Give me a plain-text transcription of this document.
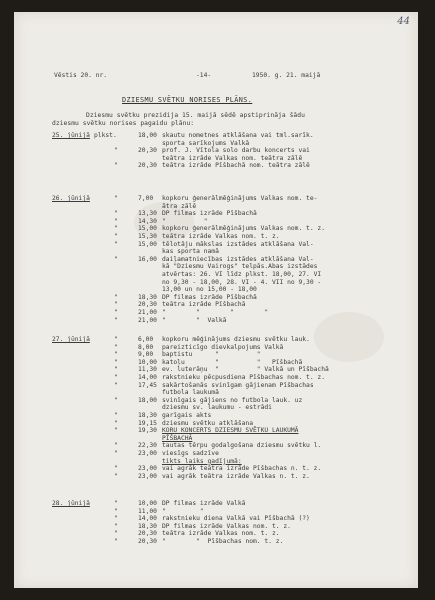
44
Vēstis 20. nr.	-14-	1950. g. 21. maijā
DZIESMU SVĒTKU NORISES PLĀNS.
Dziesmu svētku prezidija 15. maijā sēdē apstiprināja šādu
dziesmu svētku norises pagaidu plānu:
25. jūnijā plkst.	18,00 skautu nometnes atklāšana vai tml.sarīk.
sporta sarīkojums Valkā
"	20,30 prof. J. Vītola solo darbu koncerts vai
teātra izrāde Valkas nom. teātra zālē
"	20,30 teātra izrāde Pīšbachā nom. teātra zālē
26. jūnijā	"	7,00 kopkoru ģenerālmēģinājums Valkas nom. te-
ātra zālē
"	13,30 DP filmas izrāde Pīšbachā
"	14,30 "          "
"	15,00 kopkoru ģenerālmēģinājums Valkas nom. t. z.
"	15,30 teātra izrāde Valkas nom. t. z.
"	15,00 tēlotāju mākslas izstādes atklāšana Val-
kas sporta namā
"	16,00 daiļamatniecības izstādes atklāšana Val-
kā "Dziesmu Vairogs" telpās.Abas izstādes
atvērtas: 26. VI līdz plkst. 18,00, 27. VI
no 9,30 - 18,00, 28. VI - 4. VII no 9,30 -
13,00 un no 15,00 - 18,00
"	18,30 DP filmas izrāde Pīšbachā
"	20,30 teātra izrāde Pīšbachā
"	21,00 "        "        "        "
"	21,00 "        "  Valkā
27. jūnijā	"	6,00 kopkoru mēģinājums dziesmu svētku lauk.
"	8,00 pareizticīgo dievkalpojums Valkā
"	9,00 baptistu      "          "
"	10,00 katoļu        "          "   Pīšbachā
"	11,30 ev. luterāņu  "          " Valkā un Pīšbachā
"	14,00 rakstnieku pēcpusdiena Pīšbachas nom. t. z.
"	17,45 sakārtošanās svinīgam gājienam Pīšbachas
futbola laukumā
"	18,00 svinīgais gājiens no futbola lauk. uz
dziesmu sv. laukumu - estrādi
"	18,30 garīgais akts
"	19,15 dziesmu svētku atklāšana
"	19,30 KORU KONCERTS DZIESMU SVĒTKU LAUKUMĀ
PĪŠBACHĀ
"	22,30 tautas tērpu godalgošana dziesmu svētku l.
"	23,00 viesīgs sadzīve
tikts laiks gadījumā:
"	23,00 vai agrāk teātra izrāde Pīšbachas n. t. z.
"	23,00 vai agrāk teātra izrāde Valkas n. t. z.
28. jūnijā	"	10,00 DP filmas izrāde Valkā
"	11,00 "         "
"	14,00 rakstnieku diena Valkā vai Pīšbachā (?)
"	18,30 DP filmas izrāde Valkas nom. t. z.
"	20,30 teātra izrāde Valkas nom. t. z.
"	20,30 "        "  Pīšbachas nom. t. z.
